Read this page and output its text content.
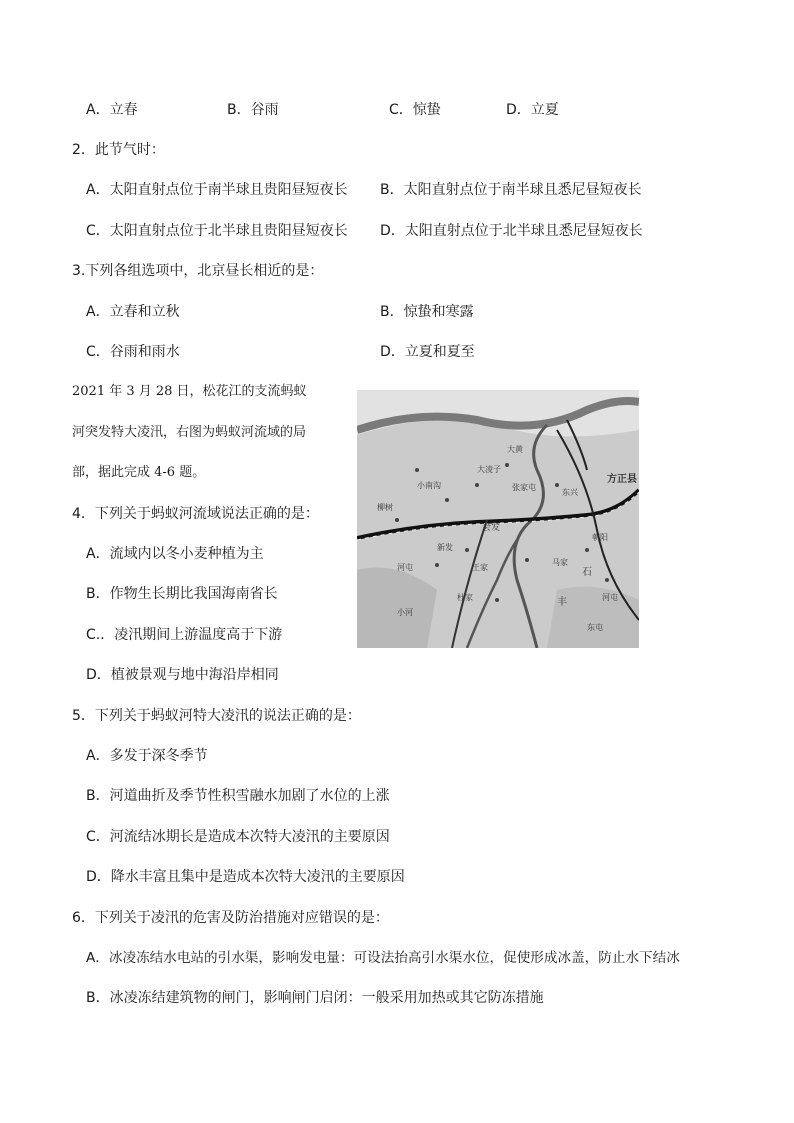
A．立春	B．谷雨	C．惊蛰	D．立夏
2．此节气时：
A．太阳直射点位于南半球且贵阳昼短夜长 B．太阳直射点位于南半球且悉尼昼短夜长
C．太阳直射点位于北半球且贵阳昼短夜长 D．太阳直射点位于北半球且悉尼昼短夜长
3.下列各组选项中，北京昼长相近的是：
A．立春和立秋	B．惊蛰和寒露
C．谷雨和雨水	D．立夏和夏至
2021 年 3 月 28 日，松花江的支流蚂蚁
河突发特大凌汛，右图为蚂蚁河流域的局
部，据此完成 4-6 题。	方正县
大凌子
小南沟
柳树
大黄
张家屯
东兴
新发
河屯	王家
马家
会发
朝阳
丰
石
河屯
杜家
小河
东屯
4．下列关于蚂蚁河流域说法正确的是：
A．流域内以冬小麦种植为主
B．作物生长期比我国海南省长
C.．凌汛期间上游温度高于下游
D．植被景观与地中海沿岸相同
5．下列关于蚂蚁河特大凌汛的说法正确的是：
A．多发于深冬季节
B．河道曲折及季节性积雪融水加剧了水位的上涨
C．河流结冰期长是造成本次特大凌汛的主要原因
D．降水丰富且集中是造成本次特大凌汛的主要原因
6．下列关于凌汛的危害及防治措施对应错误的是：
A．冰凌冻结水电站的引水渠，影响发电量：可设法抬高引水渠水位，促使形成冰盖，防止水下结冰
B．冰凌冻结建筑物的闸门，影响闸门启闭：一般采用加热或其它防冻措施
